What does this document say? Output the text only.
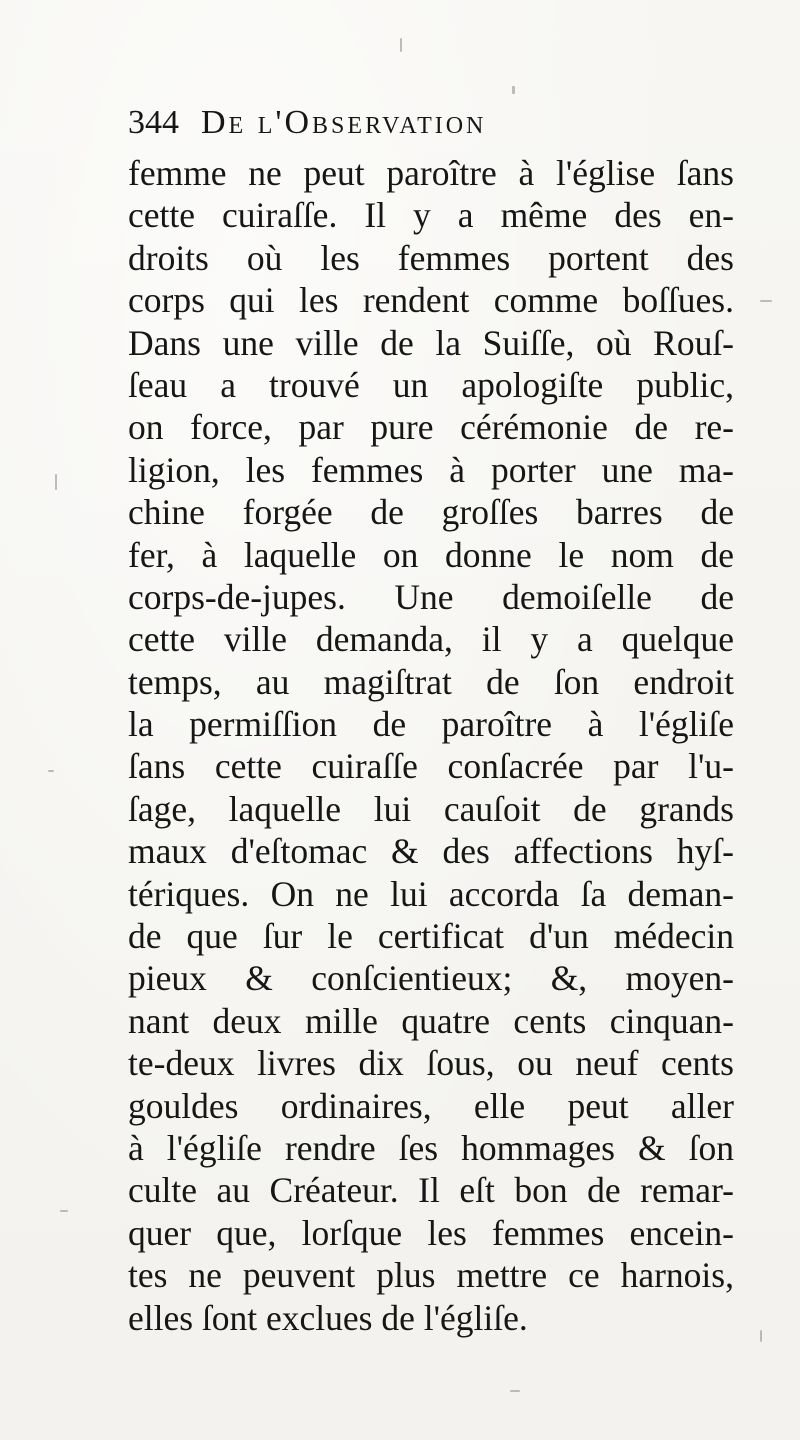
344 De l'Observation
femme ne peut paroître à l'église ſans
cette cuiraſſe. Il y a même des en-
droits où les femmes portent des
corps qui les rendent comme boſſues.
Dans une ville de la Suiſſe, où Rouſ-
ſeau a trouvé un apologiſte public,
on force, par pure cérémonie de re-
ligion, les femmes à porter une ma-
chine forgée de groſſes barres de
fer, à laquelle on donne le nom de
corps-de-jupes. Une demoiſelle de
cette ville demanda, il y a quelque
temps, au magiſtrat de ſon endroit
la permiſſion de paroître à l'égliſe
ſans cette cuiraſſe conſacrée par l'u-
ſage, laquelle lui cauſoit de grands
maux d'eſtomac & des affections hyſ-
tériques. On ne lui accorda ſa deman-
de que ſur le certificat d'un médecin
pieux & conſcientieux; &, moyen-
nant deux mille quatre cents cinquan-
te-deux livres dix ſous, ou neuf cents
gouldes ordinaires, elle peut aller
à l'égliſe rendre ſes hommages & ſon
culte au Créateur. Il eſt bon de remar-
quer que, lorſque les femmes encein-
tes ne peuvent plus mettre ce harnois,
elles ſont exclues de l'égliſe.
